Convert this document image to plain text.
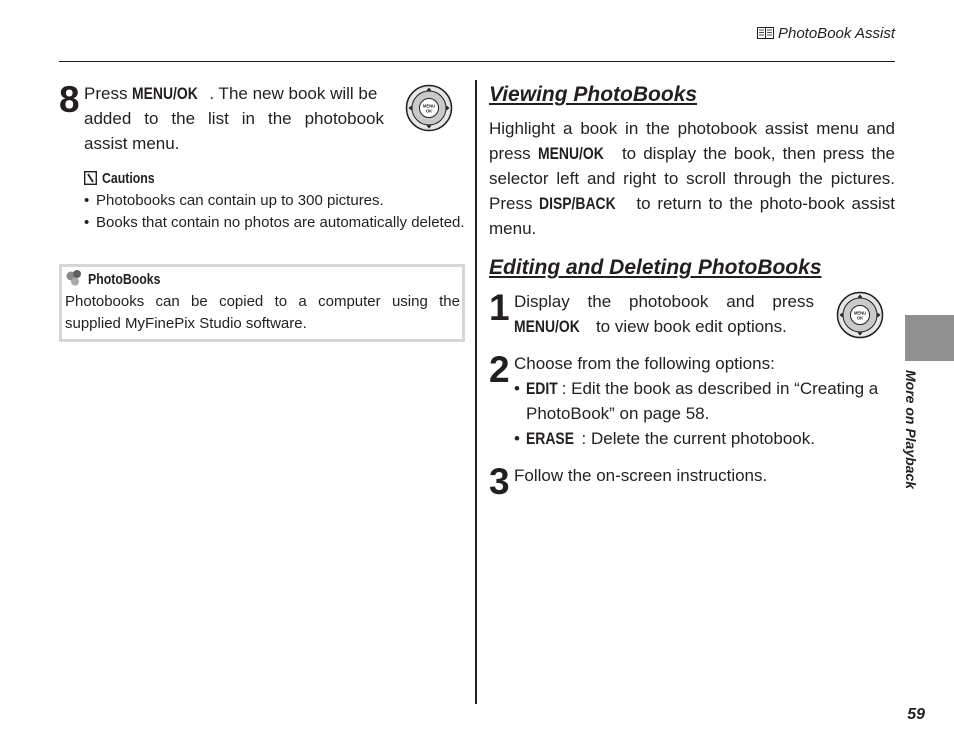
PhotoBook Assist
8 Press MENU/OK . The new book will be
added to the list in the photobook
assist menu.
MENU
OK
Cautions
• Photobooks can contain up to 300 pictures.
• Books that contain no photos are automatically deleted.
PhotoBooks
Photobooks can be copied to a computer using the supplied MyFinePix Studio software.
Viewing PhotoBooks
Highlight a book in the photobook assist menu and press MENU/OK to display the book, then press the selector left and right to scroll through the pictures. Press DISP/BACK to return to the photo-book assist menu.
Editing and Deleting PhotoBooks
1 Display the photobook and press
MENU/OK to view book edit options.
MENU
OK
2 Choose from the following options:
• EDIT : Edit the book as described in “Creating a PhotoBook” on page 58.
• ERASE : Delete the current photobook.
3 Follow the on-screen instructions.	More on Playback
59
